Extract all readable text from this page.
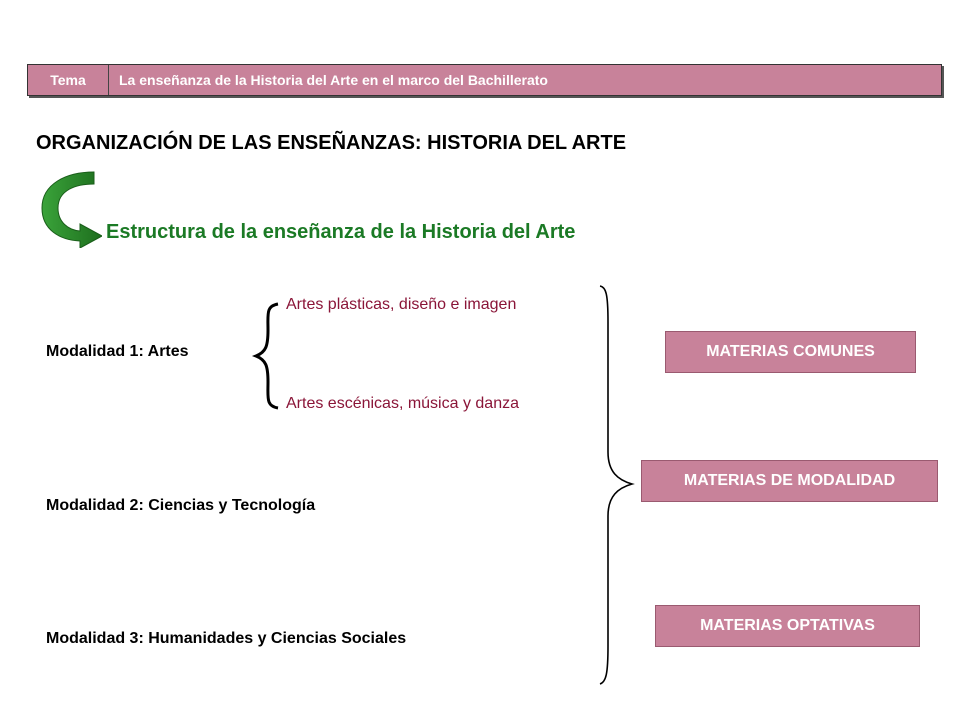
Tema	La enseñanza de la Historia del Arte en el marco del Bachillerato
ORGANIZACIÓN DE LAS ENSEÑANZAS: HISTORIA DEL ARTE
Estructura de la enseñanza de la Historia del Arte
Modalidad 1: Artes
Artes plásticas, diseño e imagen
Artes escénicas, música y danza
Modalidad 2: Ciencias y Tecnología
Modalidad 3: Humanidades y Ciencias Sociales
MATERIAS COMUNES
MATERIAS DE MODALIDAD
MATERIAS OPTATIVAS
